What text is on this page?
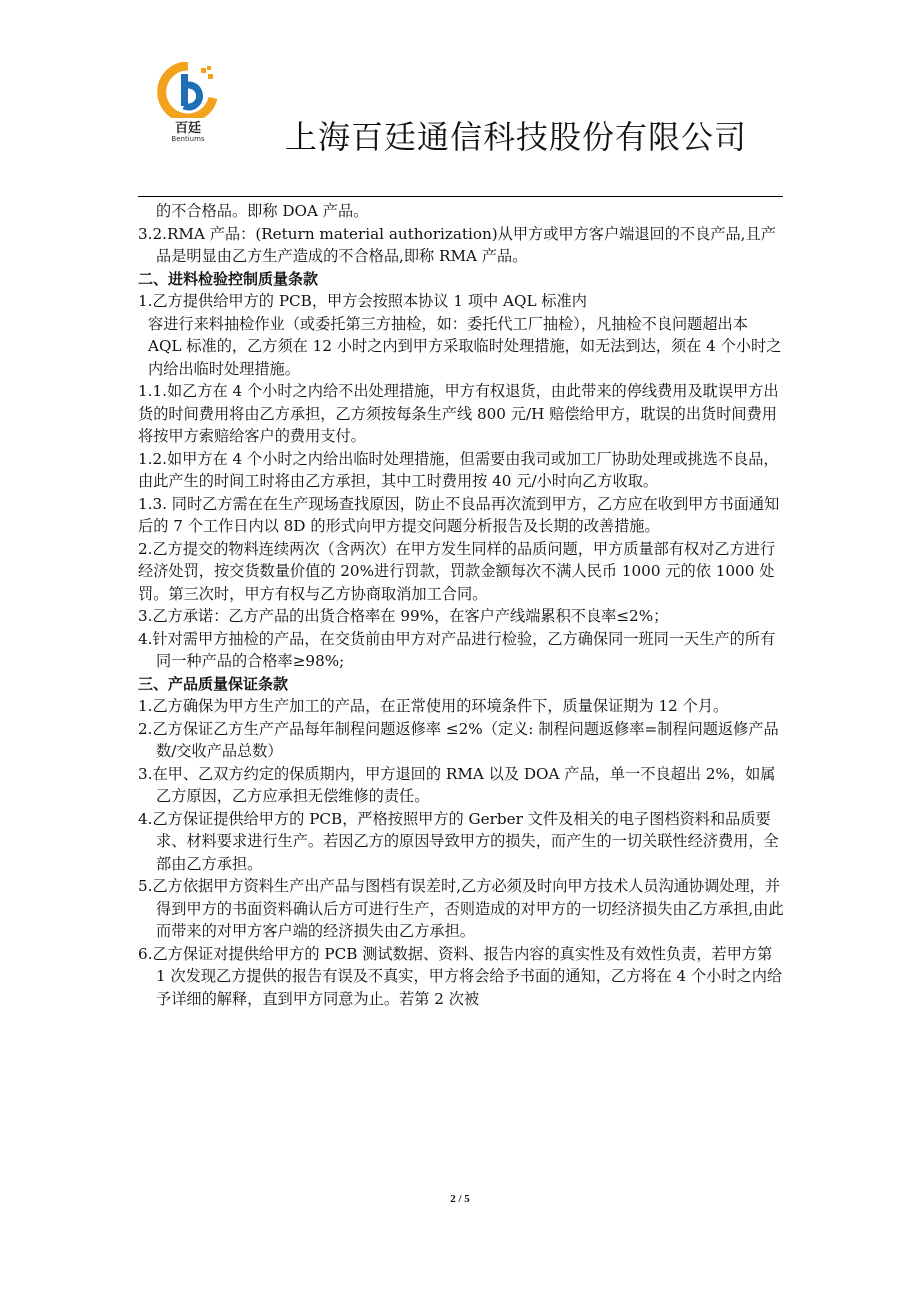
百廷
Bentiums	上海百廷通信科技股份有限公司

的不合格品。即称 DOA 产品。

3.2.RMA 产品：(Return material authorization)从甲方或甲方客户端退回的不良产品,且产品是明显由乙方生产造成的不合格品,即称 RMA 产品。

二、进料检验控制质量条款

1.乙方提供给甲方的 PCB，甲方会按照本协议 1 项中 AQL 标准内

容进行来料抽检作业（或委托第三方抽检，如：委托代工厂抽检），凡抽检不良问题超出本 AQL 标准的，乙方须在 12 小时之内到甲方采取临时处理措施，如无法到达，须在 4 个小时之内给出临时处理措施。

1.1.如乙方在 4 个小时之内给不出处理措施，甲方有权退货，由此带来的停线费用及耽误甲方出货的时间费用将由乙方承担，乙方须按每条生产线 800 元/H 赔偿给甲方，耽误的出货时间费用将按甲方索赔给客户的费用支付。

1.2.如甲方在 4 个小时之内给出临时处理措施，但需要由我司或加工厂协助处理或挑选不良品，由此产生的时间工时将由乙方承担，其中工时费用按 40 元/小时向乙方收取。

1.3. 同时乙方需在在生产现场查找原因，防止不良品再次流到甲方，乙方应在收到甲方书面通知后的 7 个工作日内以 8D 的形式向甲方提交问题分析报告及长期的改善措施。

2.乙方提交的物料连续两次（含两次）在甲方发生同样的品质问题，甲方质量部有权对乙方进行经济处罚，按交货数量价值的 20%进行罚款，罚款金额每次不满人民币 1000 元的依 1000 处罚。第三次时，甲方有权与乙方协商取消加工合同。

3.乙方承诺：乙方产品的出货合格率在 99%，在客户产线端累积不良率≤2%；

4.针对需甲方抽检的产品，在交货前由甲方对产品进行检验，乙方确保同一班同一天生产的所有同一种产品的合格率≥98%;

三、产品质量保证条款

1.乙方确保为甲方生产加工的产品，在正常使用的环境条件下，质量保证期为 12 个月。

2.乙方保证乙方生产产品每年制程问题返修率 ≤2%（定义: 制程问题返修率=制程问题返修产品数/交收产品总数）

3.在甲、乙双方约定的保质期内，甲方退回的 RMA 以及 DOA 产品，单一不良超出 2%，如属乙方原因，乙方应承担无偿维修的责任。

4.乙方保证提供给甲方的 PCB，严格按照甲方的 Gerber 文件及相关的电子图档资料和品质要求、材料要求进行生产。若因乙方的原因导致甲方的损失，而产生的一切关联性经济费用，全部由乙方承担。

5.乙方依据甲方资料生产出产品与图档有误差时,乙方必须及时向甲方技术人员沟通协调处理，并得到甲方的书面资料确认后方可进行生产，否则造成的对甲方的一切经济损失由乙方承担,由此而带来的对甲方客户端的经济损失由乙方承担。

6.乙方保证对提供给甲方的 PCB 测试数据、资料、报告内容的真实性及有效性负责，若甲方第 1 次发现乙方提供的报告有误及不真实，甲方将会给予书面的通知，乙方将在 4 个小时之内给予详细的解释，直到甲方同意为止。若第 2 次被

2 / 5
